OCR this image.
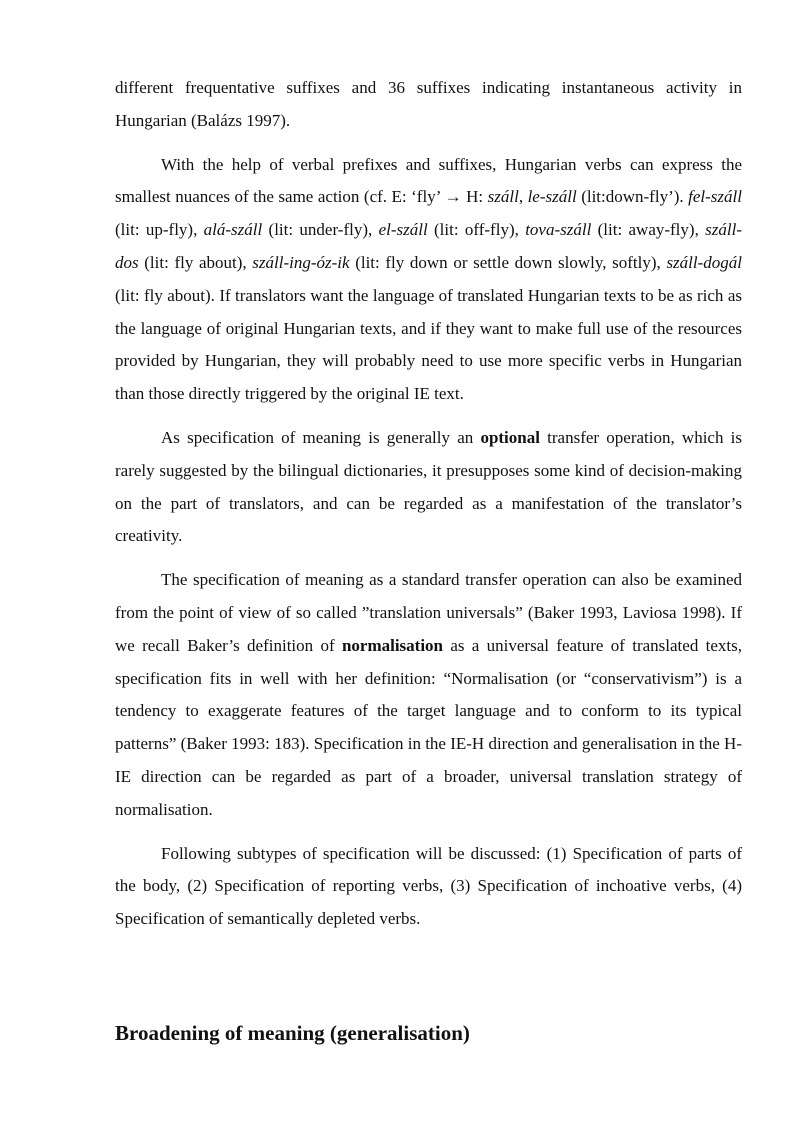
different frequentative suffixes and 36 suffixes indicating instantaneous activity in Hungarian (Balázs 1997).

With the help of verbal prefixes and suffixes, Hungarian verbs can express the smallest nuances of the same action (cf. E: ‘fly’ → H: száll, le-száll (lit:down-fly’). fel-száll (lit: up-fly), alá-száll (lit: under-fly), el-száll (lit: off-fly), tova-száll (lit: away-fly), száll-dos (lit: fly about), száll-ing-óz-ik (lit: fly down or settle down slowly, softly), száll-dogál (lit: fly about). If translators want the language of translated Hungarian texts to be as rich as the language of original Hungarian texts, and if they want to make full use of the resources provided by Hungarian, they will probably need to use more specific verbs in Hungarian than those directly triggered by the original IE text.

As specification of meaning is generally an optional transfer operation, which is rarely suggested by the bilingual dictionaries, it presupposes some kind of decision-making on the part of translators, and can be regarded as a manifestation of the translator’s creativity.

The specification of meaning as a standard transfer operation can also be examined from the point of view of so called ”translation universals” (Baker 1993, Laviosa 1998). If we recall Baker’s definition of normalisation as a universal feature of translated texts, specification fits in well with her definition: “Normalisation (or “conservativism”) is a tendency to exaggerate features of the target language and to conform to its typical patterns” (Baker 1993: 183). Specification in the IE-H direction and generalisation in the H-IE direction can be regarded as part of a broader, universal translation strategy of normalisation.

Following subtypes of specification will be discussed: (1) Specification of parts of the body, (2) Specification of reporting verbs, (3) Specification of inchoative verbs, (4) Specification of semantically depleted verbs.

Broadening of meaning (generalisation)
